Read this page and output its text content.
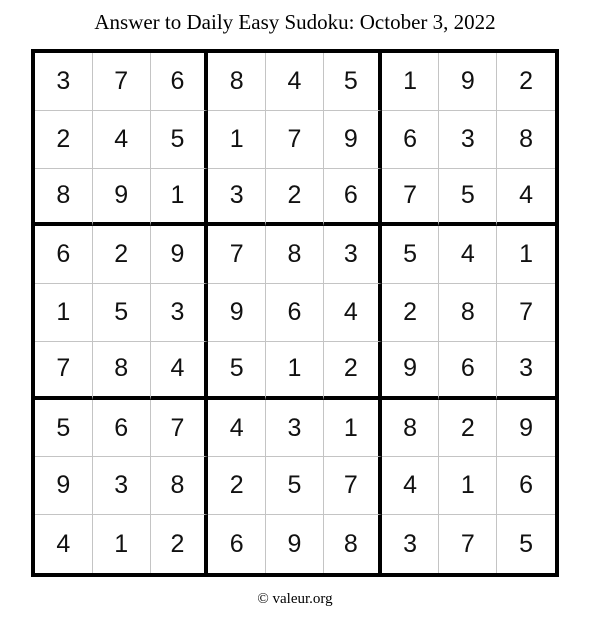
Answer to Daily Easy Sudoku: October 3, 2022
3	7	6	8	4	5	1	9	2
2	4	5	1	7	9	6	3	8
8	9	1	3	2	6	7	5	4
6	2	9	7	8	3	5	4	1
1	5	3	9	6	4	2	8	7
7	8	4	5	1	2	9	6	3
5	6	7	4	3	1	8	2	9
9	3	8	2	5	7	4	1	6
4	1	2	6	9	8	3	7	5
© valeur.org
